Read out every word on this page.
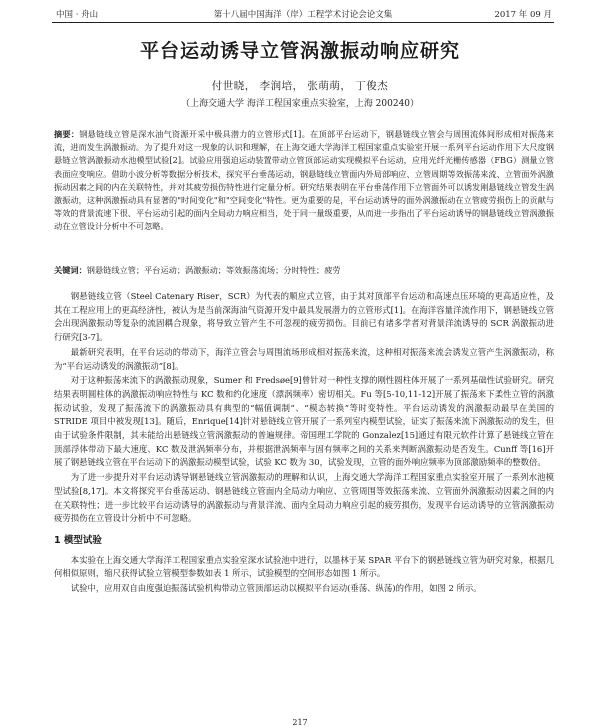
中国 · 舟山	第十八届中国海洋（岸）工程学术讨论会论文集	2017 年 09 月
平台运动诱导立管涡激振动响应研究
付世晓， 李润培， 张萌萌， 丁俊杰
（上海交通大学 海洋工程国家重点实验室，上海 200240）
摘要：钢悬链线立管是深水油气资源开采中极具潜力的立管形式[1]。在顶部平台运动下，钢悬链线立管会与周围流体间形成相对振荡来流，进而发生涡激振动。为了提升对这一现象的认识和理解，在上海交通大学海洋工程国家重点实验室开展一系列平台运动作用下大尺度钢悬链立管涡激振动水池模型试验[2]。试验应用强迫运动装置带动立管顶部运动实现模拟平台运动，应用光纤光栅传感器（FBG）测量立管表面应变响应。借助小波分析等数据分析技术，探究平台垂荡运动，钢悬链线立管面内外局部响应、立管周期等效振荡来流、立管面外涡激振动因素之间的内在关联特性，并对其疲劳损伤特性进行定量分析。研究结果表明在平台垂荡作用下立管面外可以诱发刚悬链线立管发生涡激振动，这种涡激振动具有显著的"时间变化"和"空间变化"特性。更为重要的是，平台运动诱导的面外涡激振动在立管疲劳损伤上的贡献与等效的背景流速下很、平台运动引起的面内全局动力响应相当，处于同一量级重要，从而进一步指出了平台运动诱导的钢悬链线立管涡激振动在立管设计分析中不可忽略。
关键词：钢悬链线立管；平台运动；涡激振动；等效振荡流场；分时特性；疲劳

钢悬链线立管（Steel Catenary Riser，SCR）为代表的顺应式立管，由于其对顶部平台运动和高速点压环境的更高适应性，及其在工程应用上的更高经济性，被认为是当前深海油气资源开发中最具发展潜力的立管形式[1]。在海洋容量洋流作用下，钢悬链线立管会出现涡激振动等复杂的流固耦合现象，将导致立管产生不可忽视的疲劳损伤。目前已有诸多学者对背景洋流诱导的 SCR 涡激振动进行研究[3-7]。

最新研究表明，在平台运动的带动下，海洋立管会与周围流场形成相对振荡来流，这种相对振荡来流会诱发立管产生涡激振动，称为“平台运动诱发的涡激振动”[8]。

对于这种振荡来流下的涡激振动现象，Sumer 和 Fredsøe[9]曾针对一种性支撑的刚性圆柱体开展了一系列基础性试验研究。研究结果表明圆柱体的涡激振动响应特性与 KC 数和约化速度（漂涡频率）密切相关。Fu 等[5-10,11-12]开展了振荡来下柔性立管的涡激振动试验，发现了振荡流下的涡激振动具有典型的“幅值调制”、“模态转换”等时变特性。平台运动诱发的涡激振动最早在美国的 STRIDE 项目中被发现[13]。随后，Enrique[14]针对悬链线立管开展了一系列室内模型试验，证实了振荡来流下涡激振动的发生，但由于试验条件限制，其未能给出悬链线立管涡激振动的普遍规律。帝国理工学院的 Gonzalez[15]通过有限元软件计算了悬链线立管在顶部浮体带动下最大速度、KC 数及泄涡频率分布，并根据泄涡频率与固有频率之间的关系来判断涡激振动是否发生。Cunff 等[16]开展了钢悬链线立管在平台运动下的涡激振动模型试验，试验 KC 数为 30，试验发现，立管的面外响应频率为顶部激励频率的整数倍。

为了进一步提升对平台运动诱导钢悬链线立管涡激振动的理解和认识，上海交通大学海洋工程国家重点实验室开展了一系列水池模型试验[8,17]。本文将探究平台垂荡运动、钢悬链线立管面内全局动力响应、立管周围等效振荡来流、立管面外涡激振动因素之间的内在关联特性；进一步比较平台运动诱导的涡激振动与背景洋流、面内全局动力响应引起的疲劳损伤，发现平台运动诱导的立管涡激振动疲劳损伤在立管设计分析中不可忽略。

1 模型试验

本实验在上海交通大学海洋工程国家重点实验室深水试验池中进行，以墨林于某 SPAR 平台下的钢悬链线立管为研究对象，根据几何相似原则，缩尺获得试验立管模型参数如表 1 所示，试验模型的空间形态如图 1 所示。

试验中，应用双自由度强迫振荡试验机构带动立管顶部运动以模拟平台运动(垂荡、纵荡)的作用，如图 2 所示。

217
